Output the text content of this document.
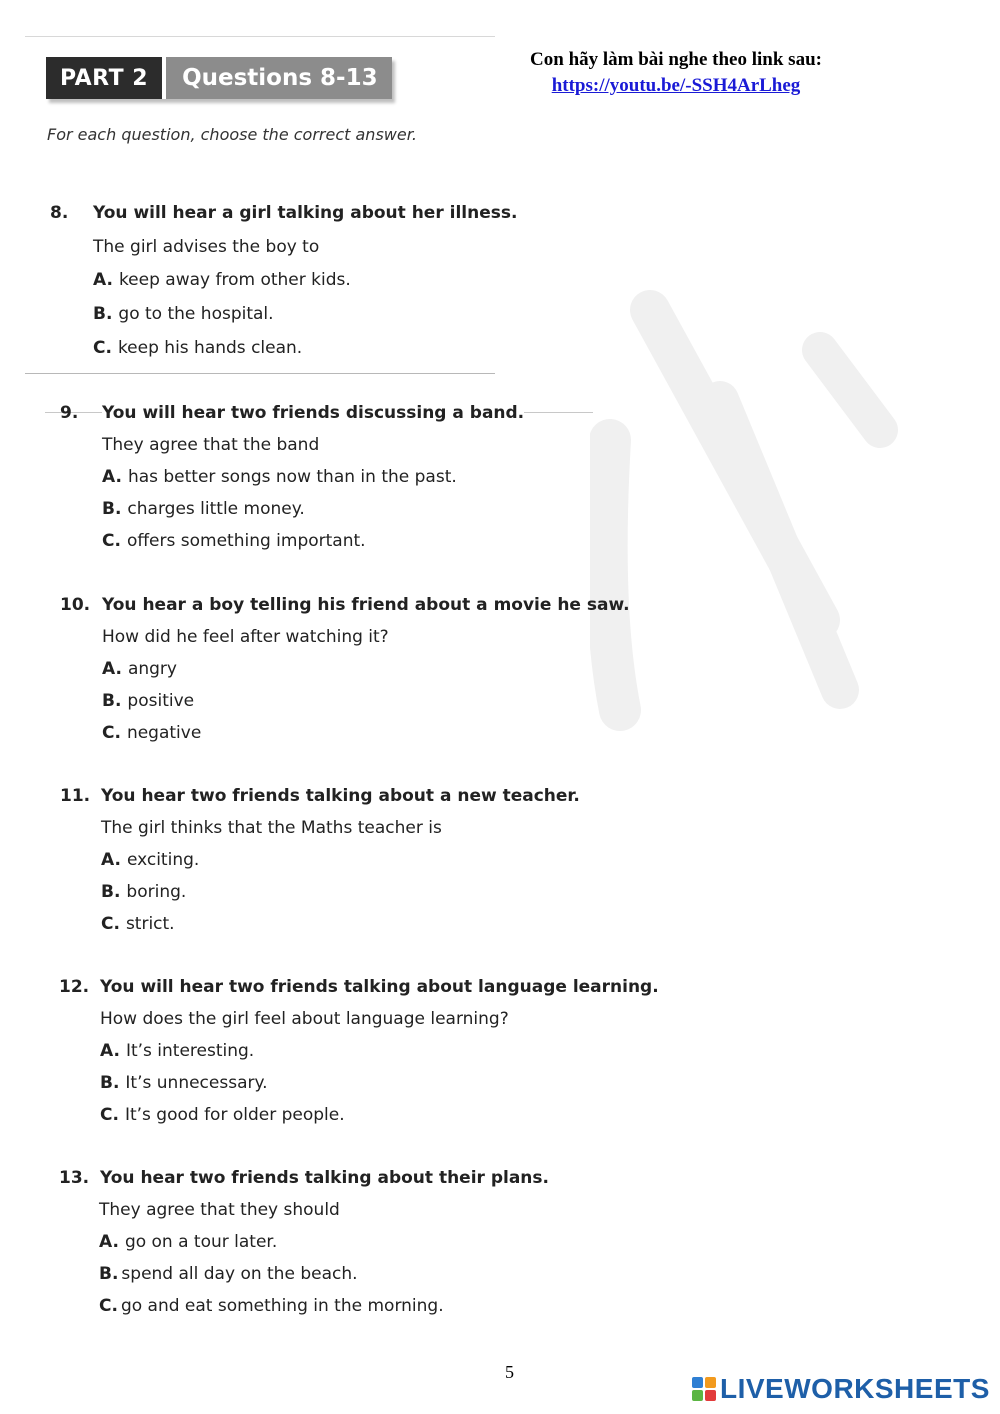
PART 2	Questions 8-13
Con hãy làm bài nghe theo link sau:
https://youtu.be/-SSH4ArLheg
For each question, choose the correct answer.
8. You will hear a girl talking about her illness.
The girl advises the boy to
A. keep away from other kids.
B. go to the hospital.
C. keep his hands clean.
9. You will hear two friends discussing a band.
They agree that the band
A. has better songs now than in the past.
B. charges little money.
C. offers something important.
10. You hear a boy telling his friend about a movie he saw.
How did he feel after watching it?
A. angry
B. positive
C. negative
11. You hear two friends talking about a new teacher.
The girl thinks that the Maths teacher is
A. exciting.
B. boring.
C. strict.
12. You will hear two friends talking about language learning.
How does the girl feel about language learning?
A. It’s interesting.
B. It’s unnecessary.
C. It’s good for older people.
13. You hear two friends talking about their plans.
They agree that they should
A. go on a tour later.
B. spend all day on the beach.
C. go and eat something in the morning.
5
LIVEWORKSHEETS
